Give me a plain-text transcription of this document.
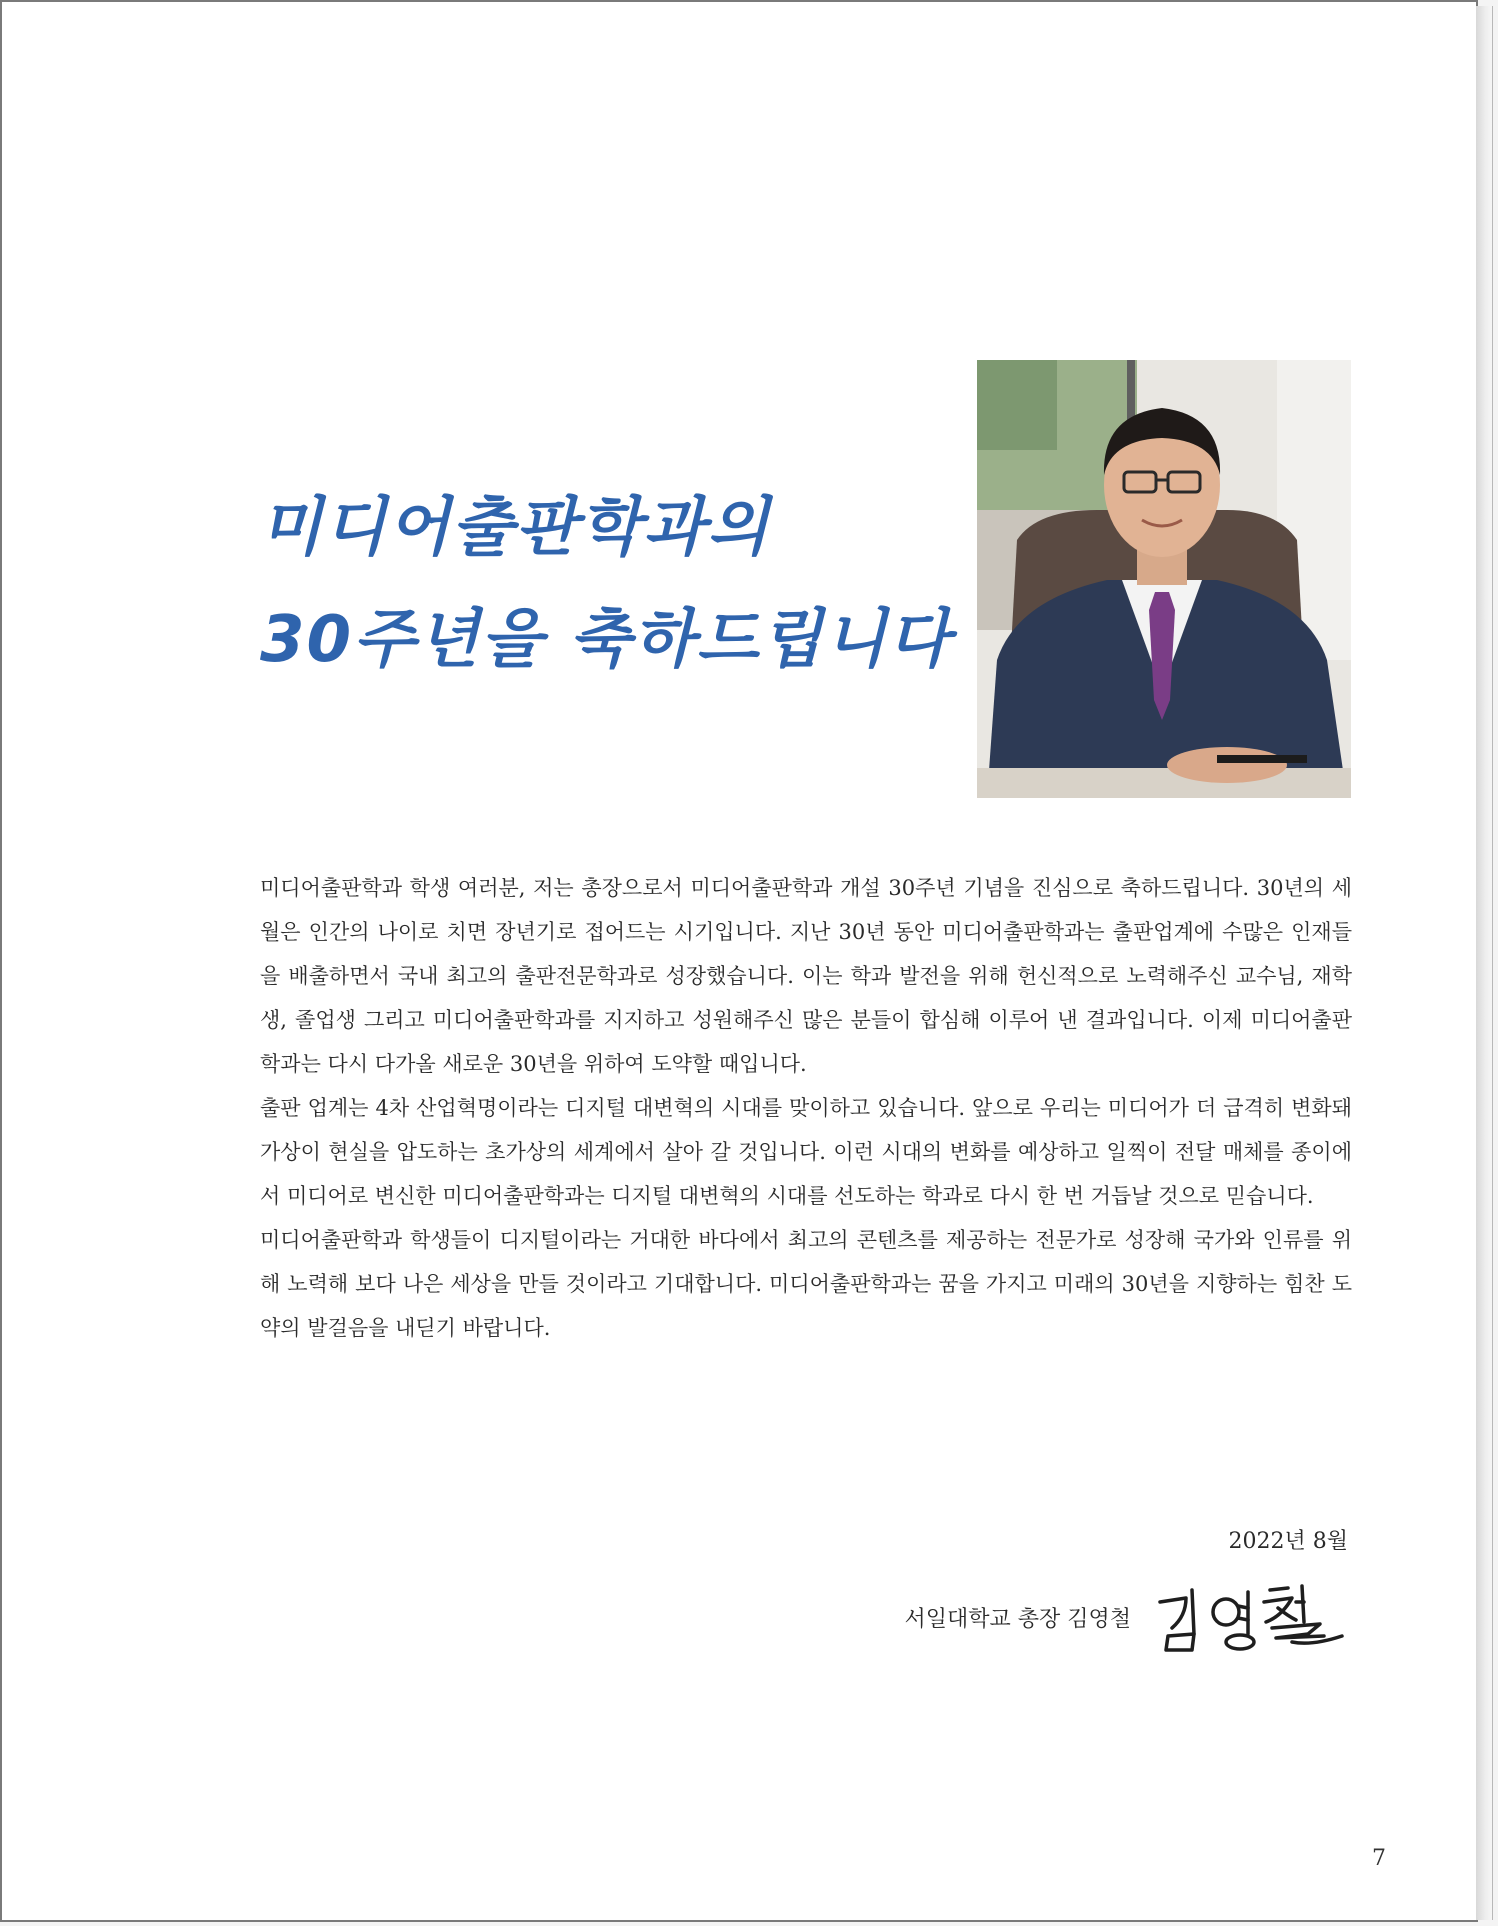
미디어출판학과의
30주년을 축하드립니다

미디어출판학과 학생 여러분, 저는 총장으로서 미디어출판학과 개설 30주년 기념을 진심으로 축하드립니다. 30년의 세월은 인간의 나이로 치면 장년기로 접어드는 시기입니다. 지난 30년 동안 미디어출판학과는 출판업계에 수많은 인재들을 배출하면서 국내 최고의 출판전문학과로 성장했습니다. 이는 학과 발전을 위해 헌신적으로 노력해주신 교수님, 재학생, 졸업생 그리고 미디어출판학과를 지지하고 성원해주신 많은 분들이 합심해 이루어 낸 결과입니다. 이제 미디어출판학과는 다시 다가올 새로운 30년을 위하여 도약할 때입니다.

출판 업계는 4차 산업혁명이라는 디지털 대변혁의 시대를 맞이하고 있습니다. 앞으로 우리는 미디어가 더 급격히 변화돼 가상이 현실을 압도하는 초가상의 세계에서 살아 갈 것입니다. 이런 시대의 변화를 예상하고 일찍이 전달 매체를 종이에서 미디어로 변신한 미디어출판학과는 디지털 대변혁의 시대를 선도하는 학과로 다시 한 번 거듭날 것으로 믿습니다.

미디어출판학과 학생들이 디지털이라는 거대한 바다에서 최고의 콘텐츠를 제공하는 전문가로 성장해 국가와 인류를 위해 노력해 보다 나은 세상을 만들 것이라고 기대합니다. 미디어출판학과는 꿈을 가지고 미래의 30년을 지향하는 힘찬 도약의 발걸음을 내딛기 바랍니다.

2022년 8월
서일대학교 총장 김영철
7
